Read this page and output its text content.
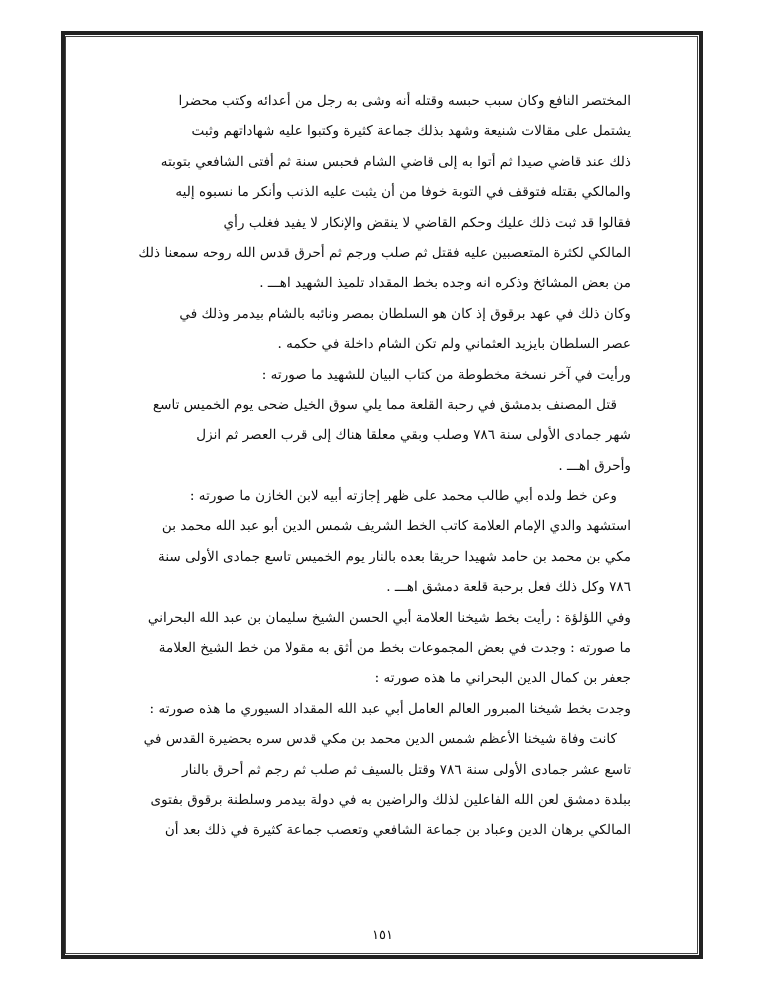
المختصر النافع وكان سبب حبسه وقتله أنه وشى به رجل من أعدائه وكتب محضرا
يشتمل على مقالات شنيعة وشهد بذلك جماعة كثيرة وكتبوا عليه شهاداتهم وثبت
ذلك عند قاضي صيدا ثم أتوا به إلى قاضي الشام فحبس سنة ثم أفتى الشافعي بتوبته
والمالكي بقتله فتوقف في التوبة خوفا من أن يثبت عليه الذنب وأنكر ما نسبوه إليه
فقالوا قد ثبت ذلك عليك وحكم القاضي لا ينقض والإنكار لا يفيد فغلب رأي
المالكي لكثرة المتعصبين عليه فقتل ثم صلب ورجم ثم أحرق قدس الله روحه سمعنا ذلك
من بعض المشائخ وذكره انه وجده بخط المقداد تلميذ الشهيد اهـــ .
وكان ذلك في عهد برقوق إذ كان هو السلطان بمصر ونائبه بالشام بيدمر وذلك في
عصر السلطان بايزيد العثماني ولم تكن الشام داخلة في حكمه .
ورأيت في آخر نسخة مخطوطة من كتاب البيان للشهيد ما صورته :
قتل المصنف بدمشق في رحبة القلعة مما يلي سوق الخيل ضحى يوم الخميس تاسع
شهر جمادى الأولى سنة ٧٨٦ وصلب وبقي معلقا هناك إلى قرب العصر ثم انزل
وأحرق اهـــ .
وعن خط ولده أبي طالب محمد على ظهر إجازته أبيه لابن الخازن ما صورته :
استشهد والدي الإمام العلامة كاتب الخط الشريف شمس الدين أبو عبد الله محمد بن
مكي بن محمد بن حامد شهيدا حريقا بعده بالنار يوم الخميس تاسع جمادى الأولى سنة
٧٨٦ وكل ذلك فعل برحبة قلعة دمشق اهـــ .
وفي اللؤلؤة : رأيت بخط شيخنا العلامة أبي الحسن الشيخ سليمان بن عبد الله البحراني
ما صورته : وجدت في بعض المجموعات بخط من أثق به مقولا من خط الشيخ العلامة
جعفر بن كمال الدين البحراني ما هذه صورته :
وجدت بخط شيخنا المبرور العالم العامل أبي عبد الله المقداد السيوري ما هذه صورته :
كانت وفاة شيخنا الأعظم شمس الدين محمد بن مكي قدس سره بحضيرة القدس في
تاسع عشر جمادى الأولى سنة ٧٨٦ وقتل بالسيف ثم صلب ثم رجم ثم أحرق بالنار
ببلدة دمشق لعن الله الفاعلين لذلك والراضين به في دولة بيدمر وسلطنة برقوق بفتوى
المالكي برهان الدين وعباد بن جماعة الشافعي وتعصب جماعة كثيرة في ذلك بعد أن
١٥١
